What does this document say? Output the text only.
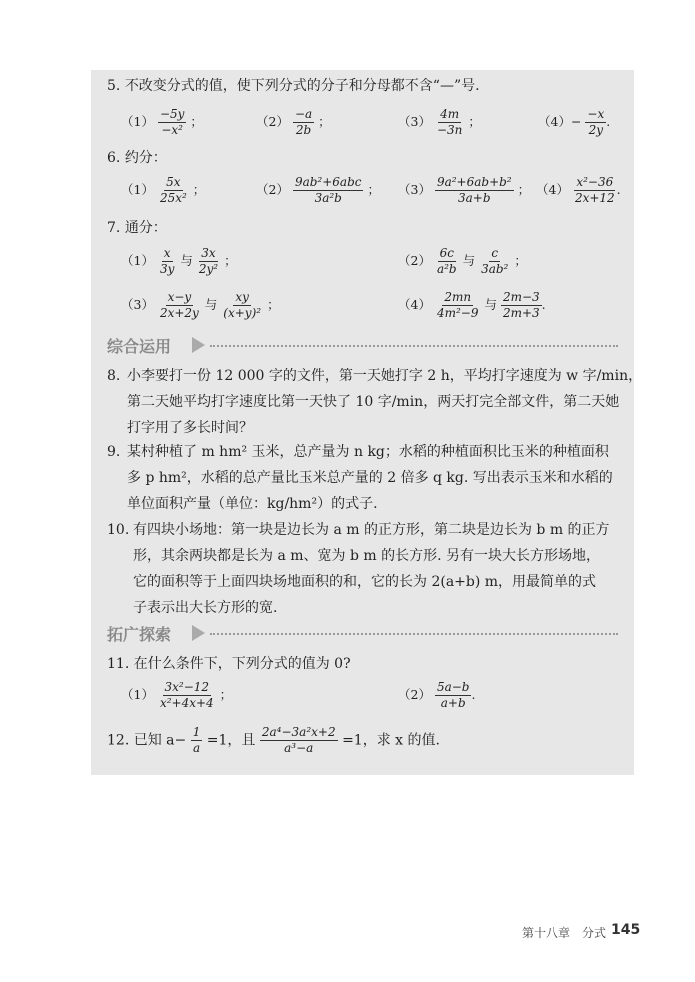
5. 不改变分式的值，使下列分式的分子和分母都不含“—”号.
$(1) \frac{-5y}{\text{−x²}}$ ；	$(2) \frac{-a}{2b}$ ；	$(3) \frac{4m}{-3n}$ ；	$(4)- \frac{-x}{2y}$ .
6. 约分：
$(1) \frac{5x}{\text{25x²}}$ ；	$(2) \frac{\text{9ab²+6abc}}{\text{3a²b}}$ ； $(3) \frac{\text{9a²+6ab+b²}}{3a+b}$ ； $(4) \frac{\text{x²−36}}{2x+12}$ .
7. 通分：
$(1) \frac{x}{3y}$ 与 $\frac{3x}{\text{2y²}}$ ；	$(2) \frac{6c}{\text{a²b}}$ 与 $\frac{c}{\text{3ab²}}$ ；
$(3) \frac{x-y}{2x+2y}$ 与 $\frac{xy}{\text{(x+y)²}}$ ；	$(4) \frac{2mn}{\text{4m²−9}}$ 与 $\frac{2m-3}{2m+3}$ .
综合运用
8. 小李要打一份 12 000 字的文件，第一天她打字 2 h，平均打字速度为 w 字/min，
第二天她平均打字速度比第一天快了 10 字/min，两天打完全部文件，第二天她
打字用了多长时间？
9. 某村种植了 m hm² 玉米，总产量为 n kg；水稻的种植面积比玉米的种植面积
多 p hm²，水稻的总产量比玉米总产量的 2 倍多 q kg. 写出表示玉米和水稻的
单位面积产量（单位：kg/hm²）的式子.
10. 有四块小场地：第一块是边长为 a m 的正方形，第二块是边长为 b m 的正方
形，其余两块都是长为 a m、宽为 b m 的长方形. 另有一块大长方形场地，
它的面积等于上面四块场地面积的和，它的长为 2(a+b) m，用最简单的式
子表示出大长方形的宽.
拓广探索
11. 在什么条件下，下列分式的值为 0?
$(1) \frac{\text{3x²−12}}{\text{x²+4x+4}}$ ；	$(2) \frac{5a-b}{a+b}$ .
12. 已知 $a- \frac{1}{a} =1$，且 $\frac{\text{2a⁴−3a²x+2}}{\text{a³−a}} =1$，求 x 的值.
第十八章　分式 145
